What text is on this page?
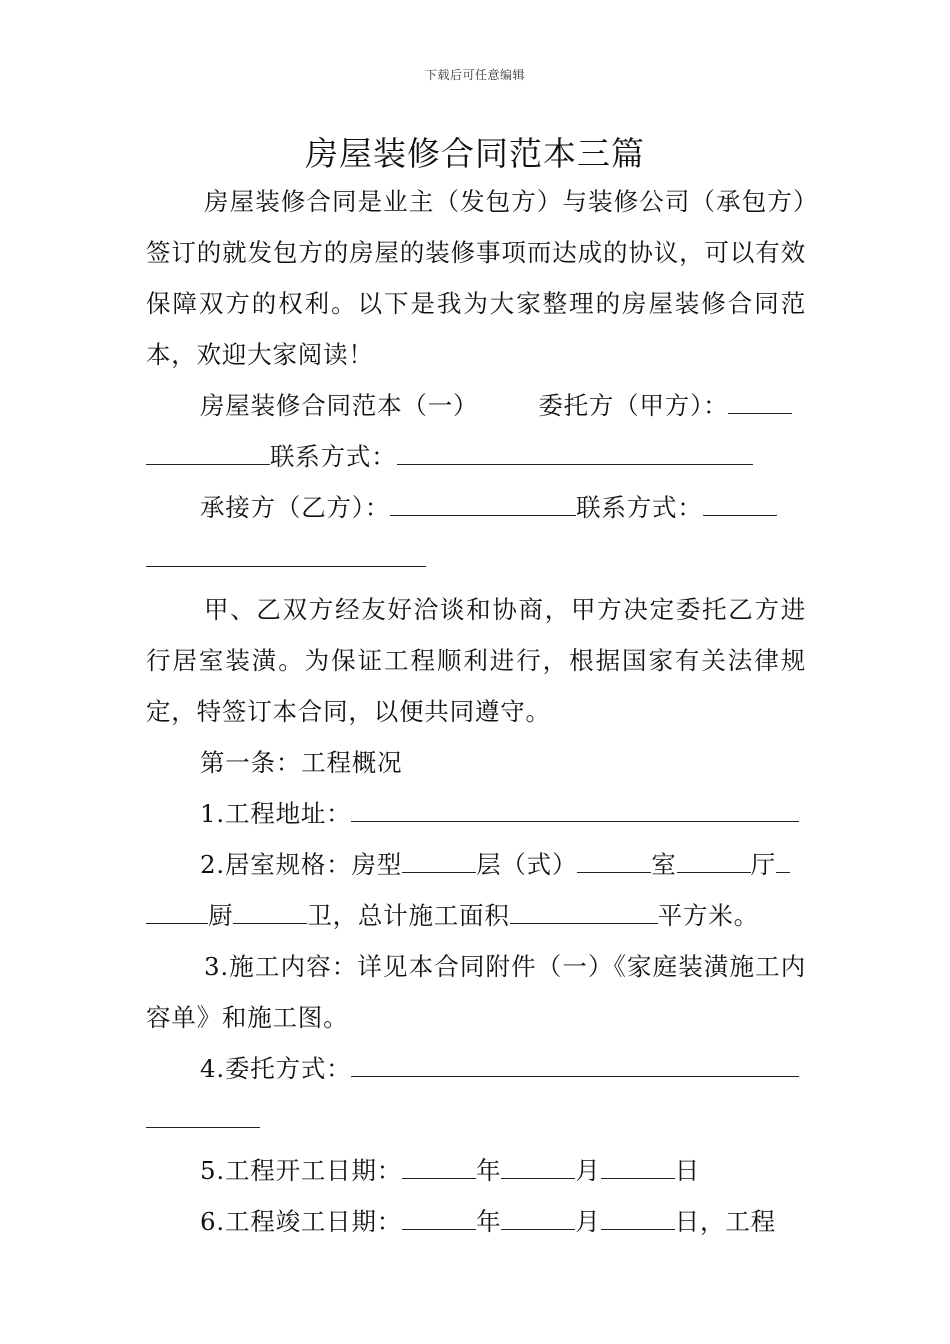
下载后可任意编辑
房屋装修合同范本三篇

房屋装修合同是业主（发包方）与装修公司（承包方）签订的就发包方的房屋的装修事项而达成的协议，可以有效保障双方的权利。以下是我为大家整理的房屋装修合同范本，欢迎大家阅读！

房屋装修合同范本（一） 委托方（甲方）：

联系方式：

承接方（乙方）：	联系方式：

甲、乙双方经友好洽谈和协商，甲方决定委托乙方进行居室装潢。为保证工程顺利进行，根据国家有关法律规定，特签订本合同，以便共同遵守。

第一条：工程概况

1.工程地址：

2.居室规格：房型	层（式）	室	厅

厨	卫，总计施工面积	平方米。

3.施工内容：详见本合同附件（一）《家庭装潢施工内容单》和施工图。

4.委托方式：

5.工程开工日期：	年	月	日

6.工程竣工日期：	年	月	日，工程
